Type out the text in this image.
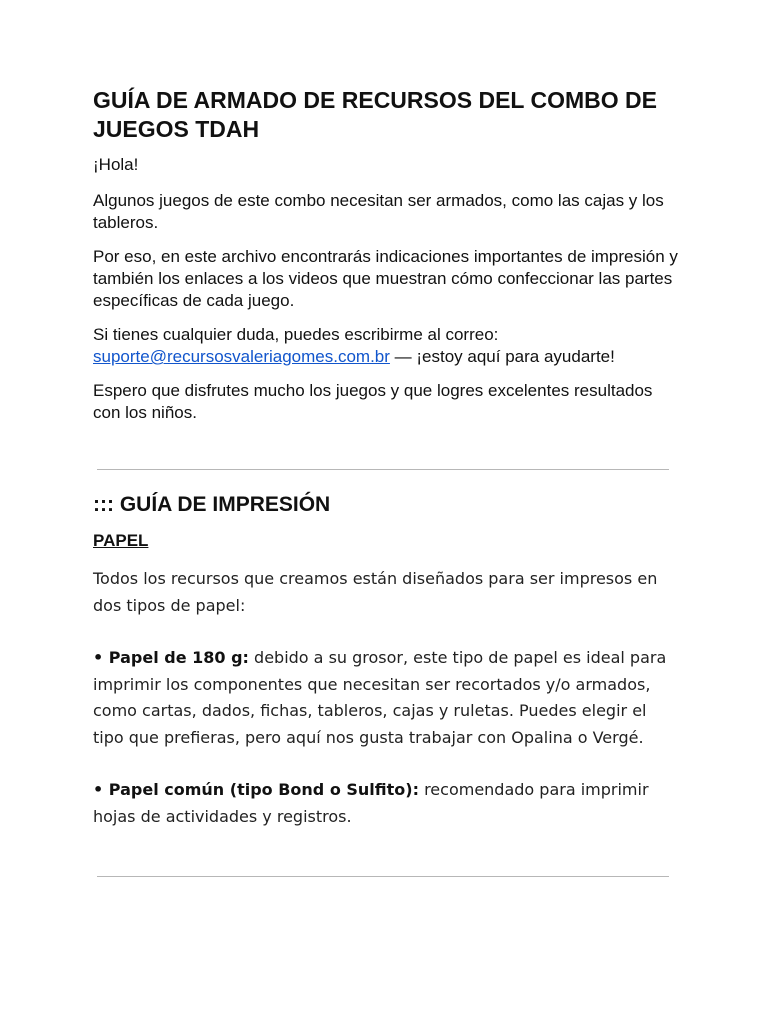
GUÍA DE ARMADO DE RECURSOS DEL COMBO DE JUEGOS TDAH

¡Hola!

Algunos juegos de este combo necesitan ser armados, como las cajas y los tableros.

Por eso, en este archivo encontrarás indicaciones importantes de impresión y también los enlaces a los videos que muestran cómo confeccionar las partes específicas de cada juego.

Si tienes cualquier duda, puedes escribirme al correo: suporte@recursosvaleriagomes.com.br — ¡estoy aquí para ayudarte!

Espero que disfrutes mucho los juegos y que logres excelentes resultados con los niños.

::: GUÍA DE IMPRESIÓN
PAPEL

Todos los recursos que creamos están diseñados para ser impresos en dos tipos de papel:

• Papel de 180 g: debido a su grosor, este tipo de papel es ideal para imprimir los componentes que necesitan ser recortados y/o armados, como cartas, dados, fichas, tableros, cajas y ruletas. Puedes elegir el tipo que prefieras, pero aquí nos gusta trabajar con Opalina o Vergé.

• Papel común (tipo Bond o Sulfito): recomendado para imprimir hojas de actividades y registros.
